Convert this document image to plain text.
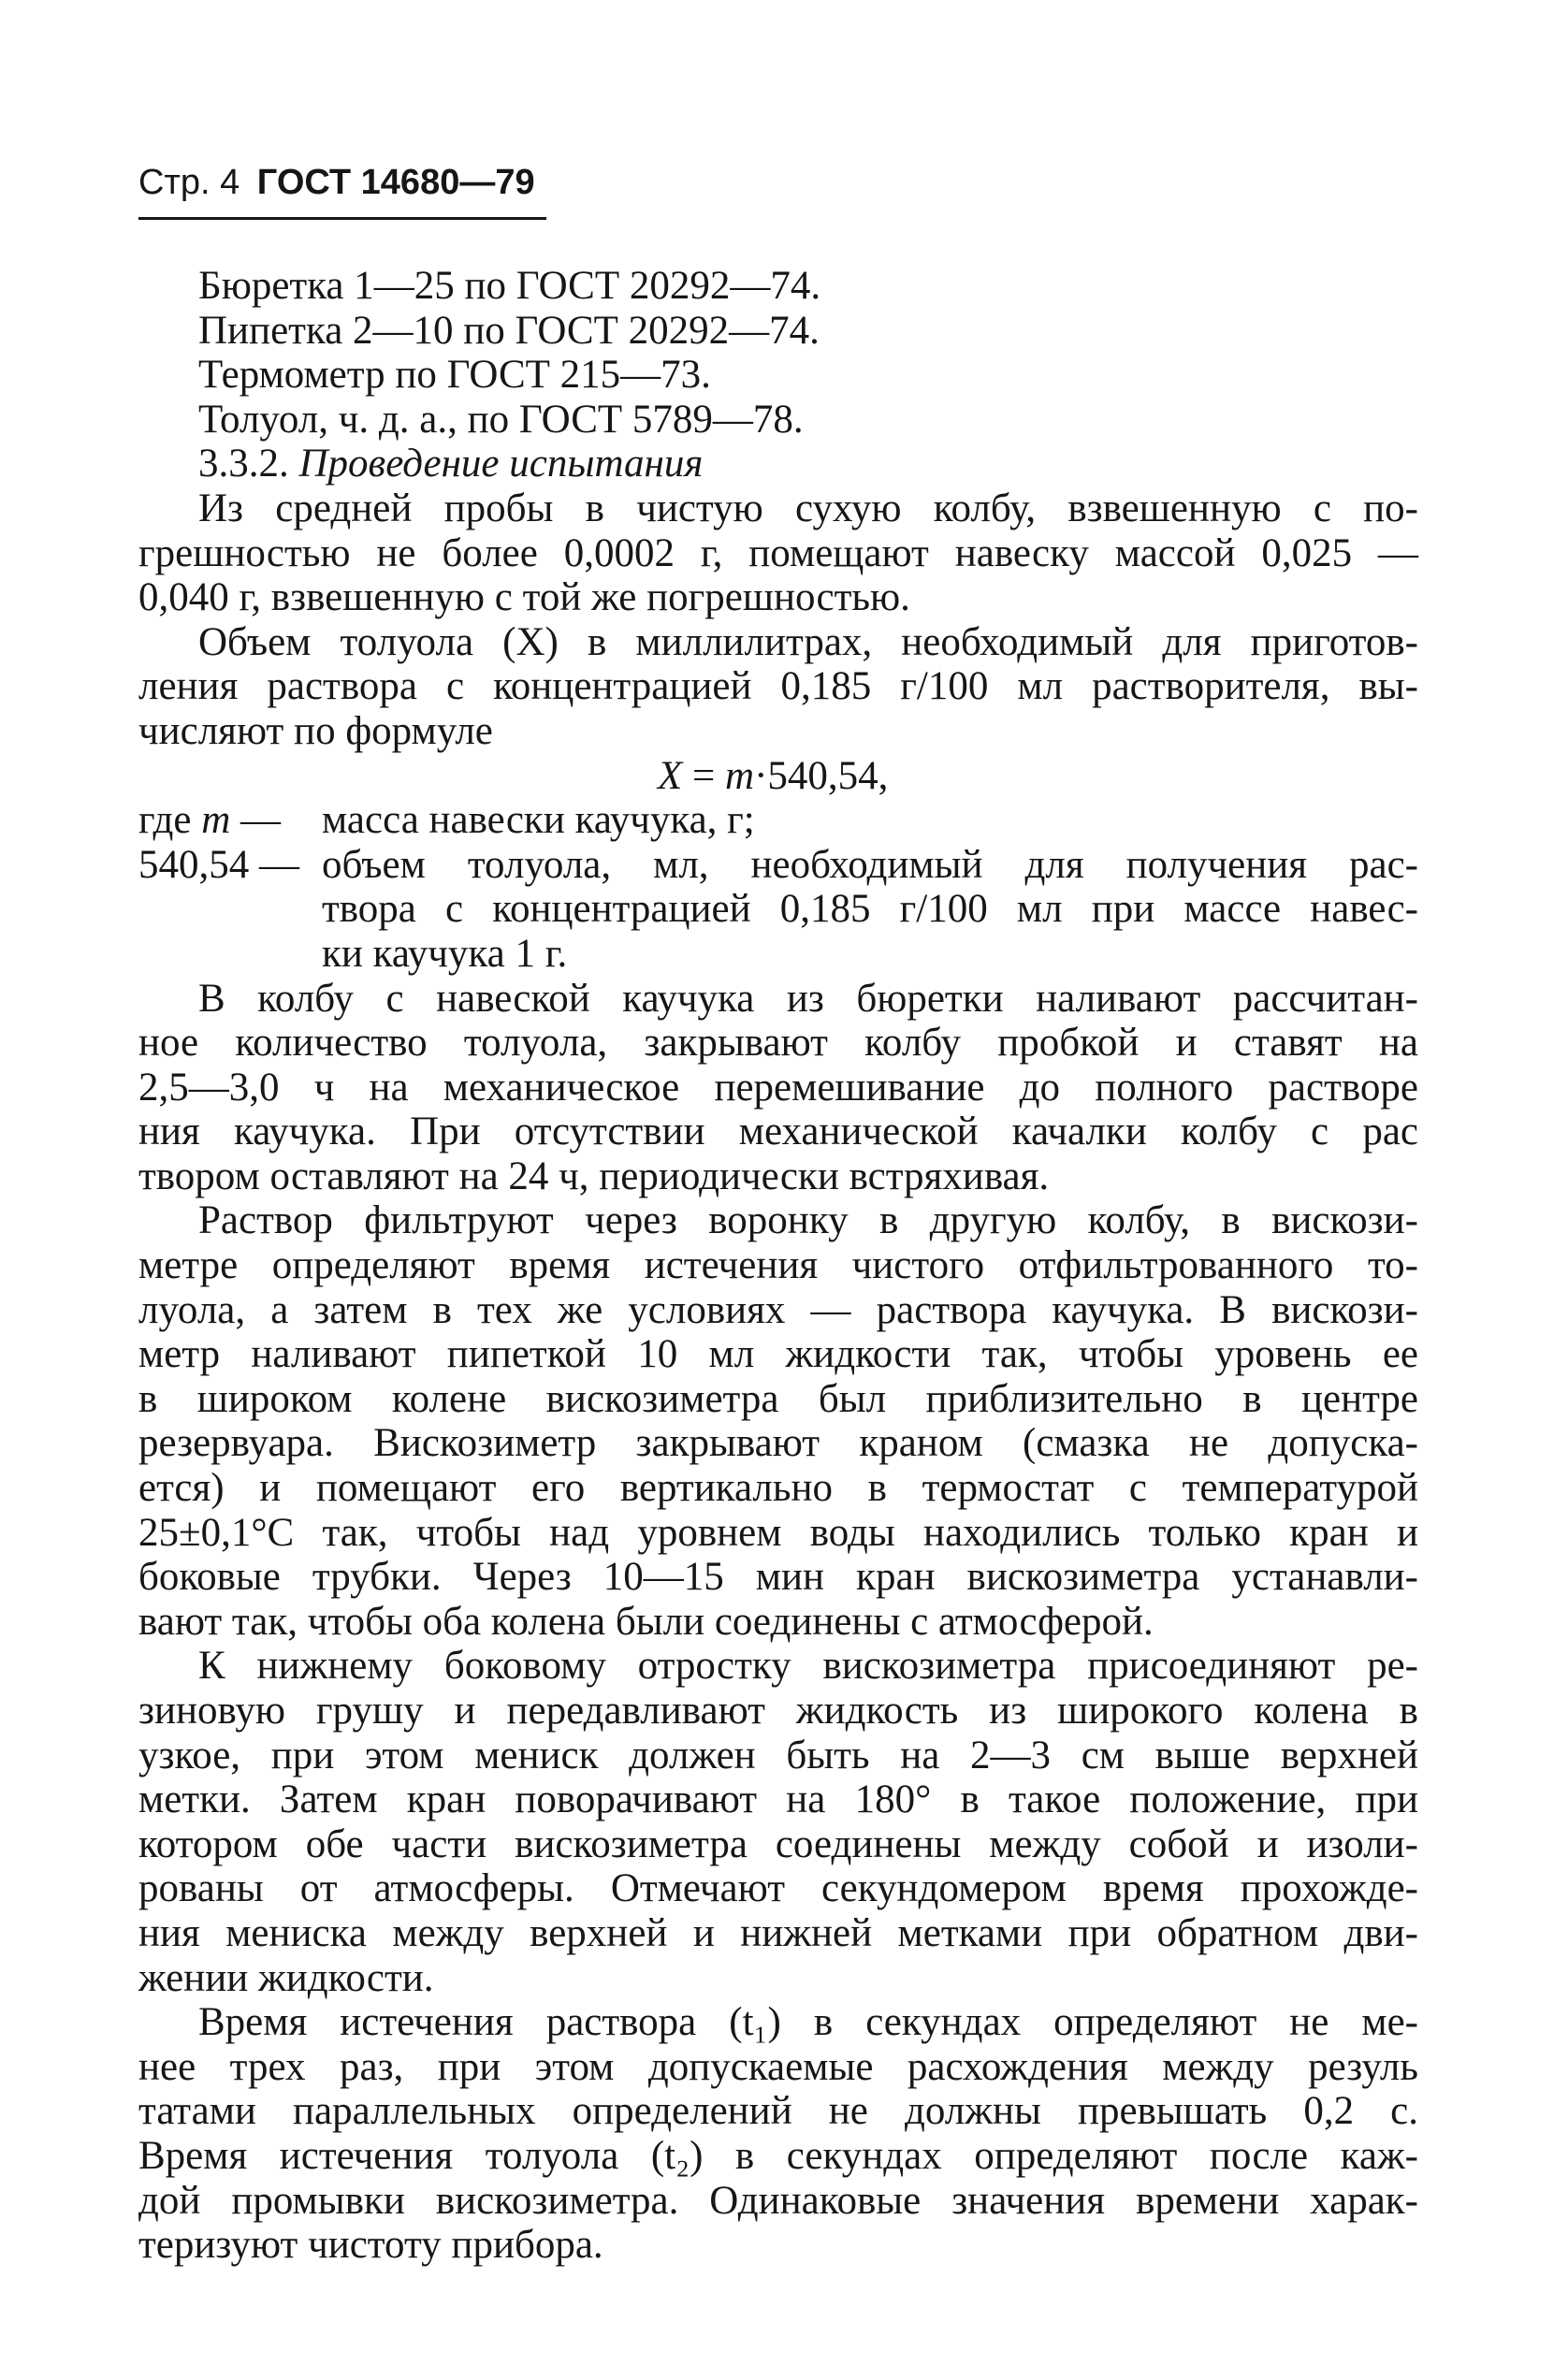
Стр. 4 ГОСТ 14680—79

Бюретка 1—25 по ГОСТ 20292—74.

Пипетка 2—10 по ГОСТ 20292—74.

Термометр по ГОСТ 215—73.

Толуол, ч. д. а., по ГОСТ 5789—78.

3.3.2. Проведение испытания

Из средней пробы в чистую сухую колбу, взвешенную с по-
грешностью не более 0,0002 г, помещают навеску массой 0,025 —
0,040 г, взвешенную с той же погрешностью.
Объем толуола (X) в миллилитрах, необходимый для приготов-
ления раствора с концентрацией 0,185 г/100 мл растворителя, вы-
числяют по формуле

X = m·540,54,

где m —	масса навески каучука, г;
540,54 — объем толуола, мл, необходимый для получения рас-
твора с концентрацией 0,185 г/100 мл при массе навес-
ки каучука 1 г.
В колбу с навеской каучука из бюретки наливают рассчитан-
ное количество толуола, закрывают колбу пробкой и ставят на
2,5—3,0 ч на механическое перемешивание до полного растворе
ния каучука. При отсутствии механической качалки колбу с рас
твором оставляют на 24 ч, периодически встряхивая.
Раствор фильтруют через воронку в другую колбу, в вискози-
метре определяют время истечения чистого отфильтрованного то-
луола, а затем в тех же условиях — раствора каучука. В вискози-
метр наливают пипеткой 10 мл жидкости так, чтобы уровень ее
в широком колене вискозиметра был приблизительно в центре
резервуара. Вискозиметр закрывают краном (смазка не допуска-
ется) и помещают его вертикально в термостат с температурой
25±0,1°С так, чтобы над уровнем воды находились только кран и
боковые трубки. Через 10—15 мин кран вискозиметра устанавли-
вают так, чтобы оба колена были соединены с атмосферой.
К нижнему боковому отростку вискозиметра присоединяют ре-
зиновую грушу и передавливают жидкость из широкого колена в
узкое, при этом мениск должен быть на 2—3 см выше верхней
метки. Затем кран поворачивают на 180° в такое положение, при
котором обе части вискозиметра соединены между собой и изоли-
рованы от атмосферы. Отмечают секундомером время прохожде-
ния мениска между верхней и нижней метками при обратном дви-
жении жидкости.
Время истечения раствора (t₁) в секундах определяют не ме-
нее трех раз, при этом допускаемые расхождения между резуль
татами параллельных определений не должны превышать 0,2 с.
Время истечения толуола (t₂) в секундах определяют после каж-
дой промывки вискозиметра. Одинаковые значения времени харак-
теризуют чистоту прибора.
